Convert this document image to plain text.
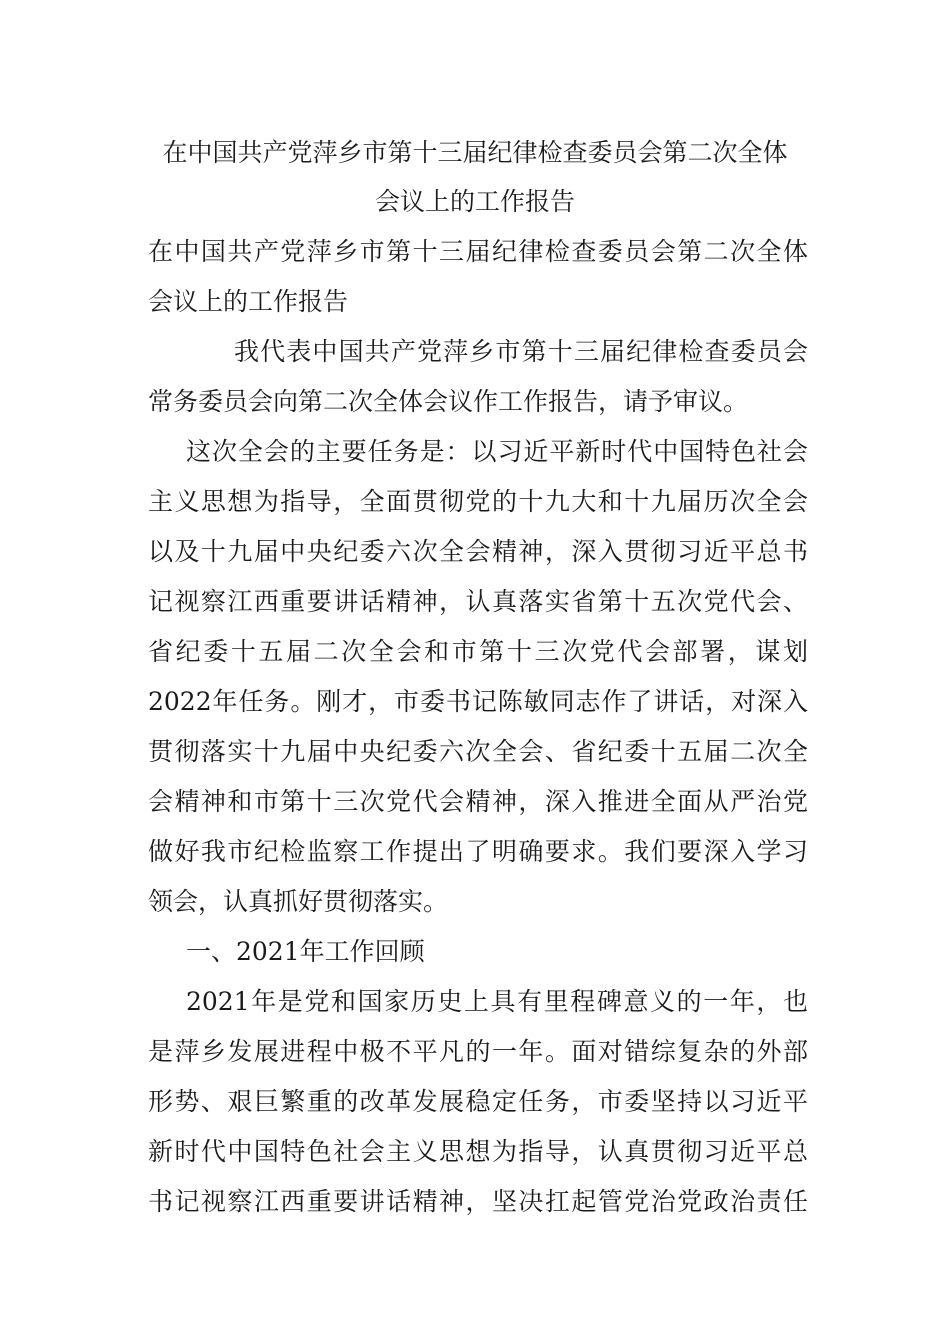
在中国共产党萍乡市第十三届纪律检查委员会第二次全体
会议上的工作报告
在中国共产党萍乡市第十三届纪律检查委员会第二次全体
会议上的工作报告
我代表中国共产党萍乡市第十三届纪律检查委员会
常务委员会向第二次全体会议作工作报告，请予审议。
这次全会的主要任务是：以习近平新时代中国特色社会
主义思想为指导，全面贯彻党的十九大和十九届历次全会
以及十九届中央纪委六次全会精神，深入贯彻习近平总书
记视察江西重要讲话精神，认真落实省第十五次党代会、
省纪委十五届二次全会和市第十三次党代会部署，谋划
2022年任务。刚才，市委书记陈敏同志作了讲话，对深入
贯彻落实十九届中央纪委六次全会、省纪委十五届二次全
会精神和市第十三次党代会精神，深入推进全面从严治党
做好我市纪检监察工作提出了明确要求。我们要深入学习
领会，认真抓好贯彻落实。
一、2021年工作回顾
2021年是党和国家历史上具有里程碑意义的一年，也
是萍乡发展进程中极不平凡的一年。面对错综复杂的外部
形势、艰巨繁重的改革发展稳定任务，市委坚持以习近平
新时代中国特色社会主义思想为指导，认真贯彻习近平总
书记视察江西重要讲话精神，坚决扛起管党治党政治责任
